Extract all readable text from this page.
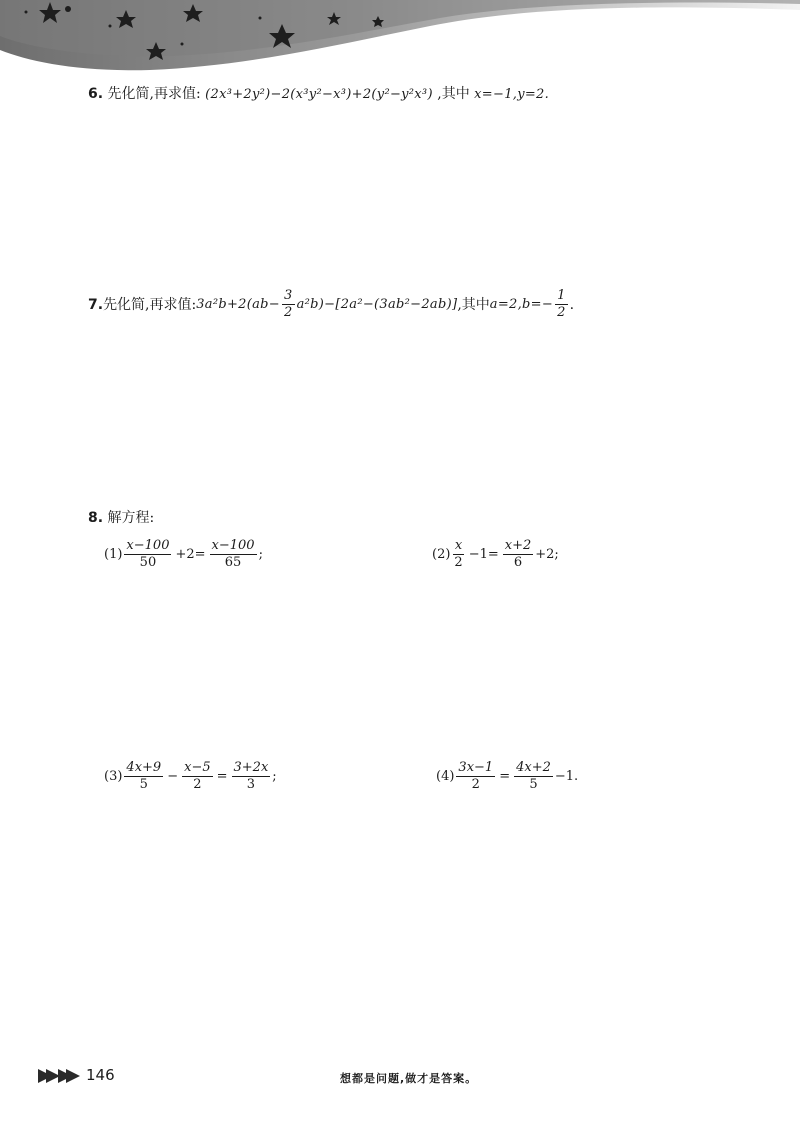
6. 先化简,再求值: (2x³+2y²)−2(x³y²−x³)+2(y²−y²x³) ,其中 x=−1,y=2.
7. 先化简,再求值: $3a^2b+2(ab- \frac{3}{2} a^2b)-[2a^2-(3ab^2-2ab)]$ ,其中 $a=2,b=- \frac{1}{2}$ .
8. 解方程:
$(1) \frac{x-100}{50} +2= \frac{x-100}{65}$ ;	$(2) \frac{x}{2} -1= \frac{x+2}{6} +2$;
$(3) \frac{4x+9}{5} - \frac{x-5}{2} = \frac{3+2x}{3}$ ;	$(4) \frac{3x-1}{2} = \frac{4x+2}{5} -1$.
146	想都是问题,做才是答案。
